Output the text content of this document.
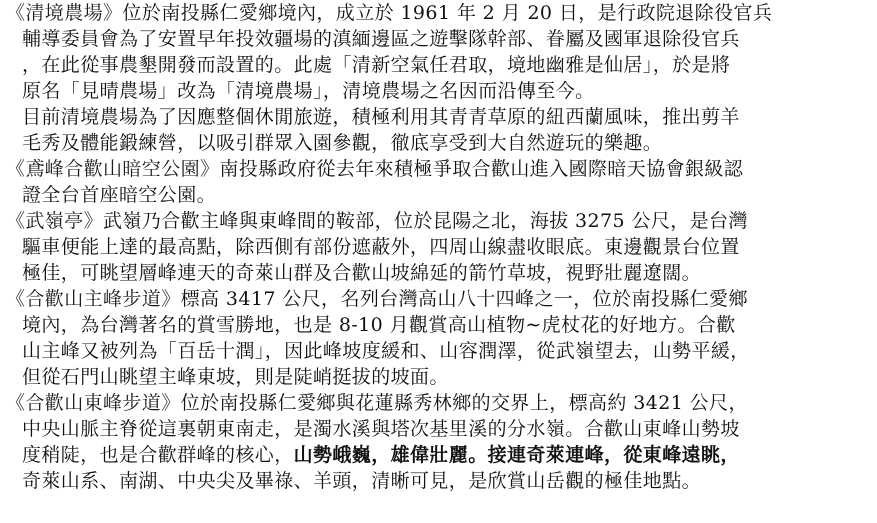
《清境農場》位於南投縣仁愛鄉境內，成立於 1961 年 2 月 20 日，是行政院退除役官兵
輔導委員會為了安置早年投效疆場的滇緬邊區之遊擊隊幹部、眷屬及國軍退除役官兵
，在此從事農墾開發而設置的。此處「清新空氣任君取，境地幽雅是仙居」，於是將
原名「見晴農場」改為「清境農場」，清境農場之名因而沿傳至今。
目前清境農場為了因應整個休閒旅遊，積極利用其青青草原的紐西蘭風味，推出剪羊
毛秀及體能鍛練營，以吸引群眾入園參觀，徹底享受到大自然遊玩的樂趣。
《鳶峰合歡山暗空公園》南投縣政府從去年來積極爭取合歡山進入國際暗天協會銀級認
證全台首座暗空公園。
《武嶺亭》武嶺乃合歡主峰與東峰間的鞍部，位於昆陽之北，海拔 3275 公尺，是台灣
驅車便能上達的最高點，除西側有部份遮蔽外，四周山線盡收眼底。東邊觀景台位置
極佳，可眺望層峰連天的奇萊山群及合歡山坡綿延的箭竹草坡，視野壯麗遼闊。
《合歡山主峰步道》標高 3417 公尺，名列台灣高山八十四峰之一，位於南投縣仁愛鄉
境內，為台灣著名的賞雪勝地，也是 8-10 月觀賞高山植物∼虎杖花的好地方。合歡
山主峰又被列為「百岳十潤」，因此峰坡度緩和、山容潤澤，從武嶺望去，山勢平緩，
但從石門山眺望主峰東坡，則是陡峭挺拔的坡面。
《合歡山東峰步道》位於南投縣仁愛鄉與花蓮縣秀林鄉的交界上，標高約 3421 公尺，
中央山脈主脊從這裏朝東南走，是濁水溪與塔次基里溪的分水嶺。合歡山東峰山勢坡
度稍陡，也是合歡群峰的核心，山勢峨巍，雄偉壯麗。接連奇萊連峰，從東峰遠眺，
奇萊山系、南湖、中央尖及畢祿、羊頭，清晰可見，是欣賞山岳觀的極佳地點。
